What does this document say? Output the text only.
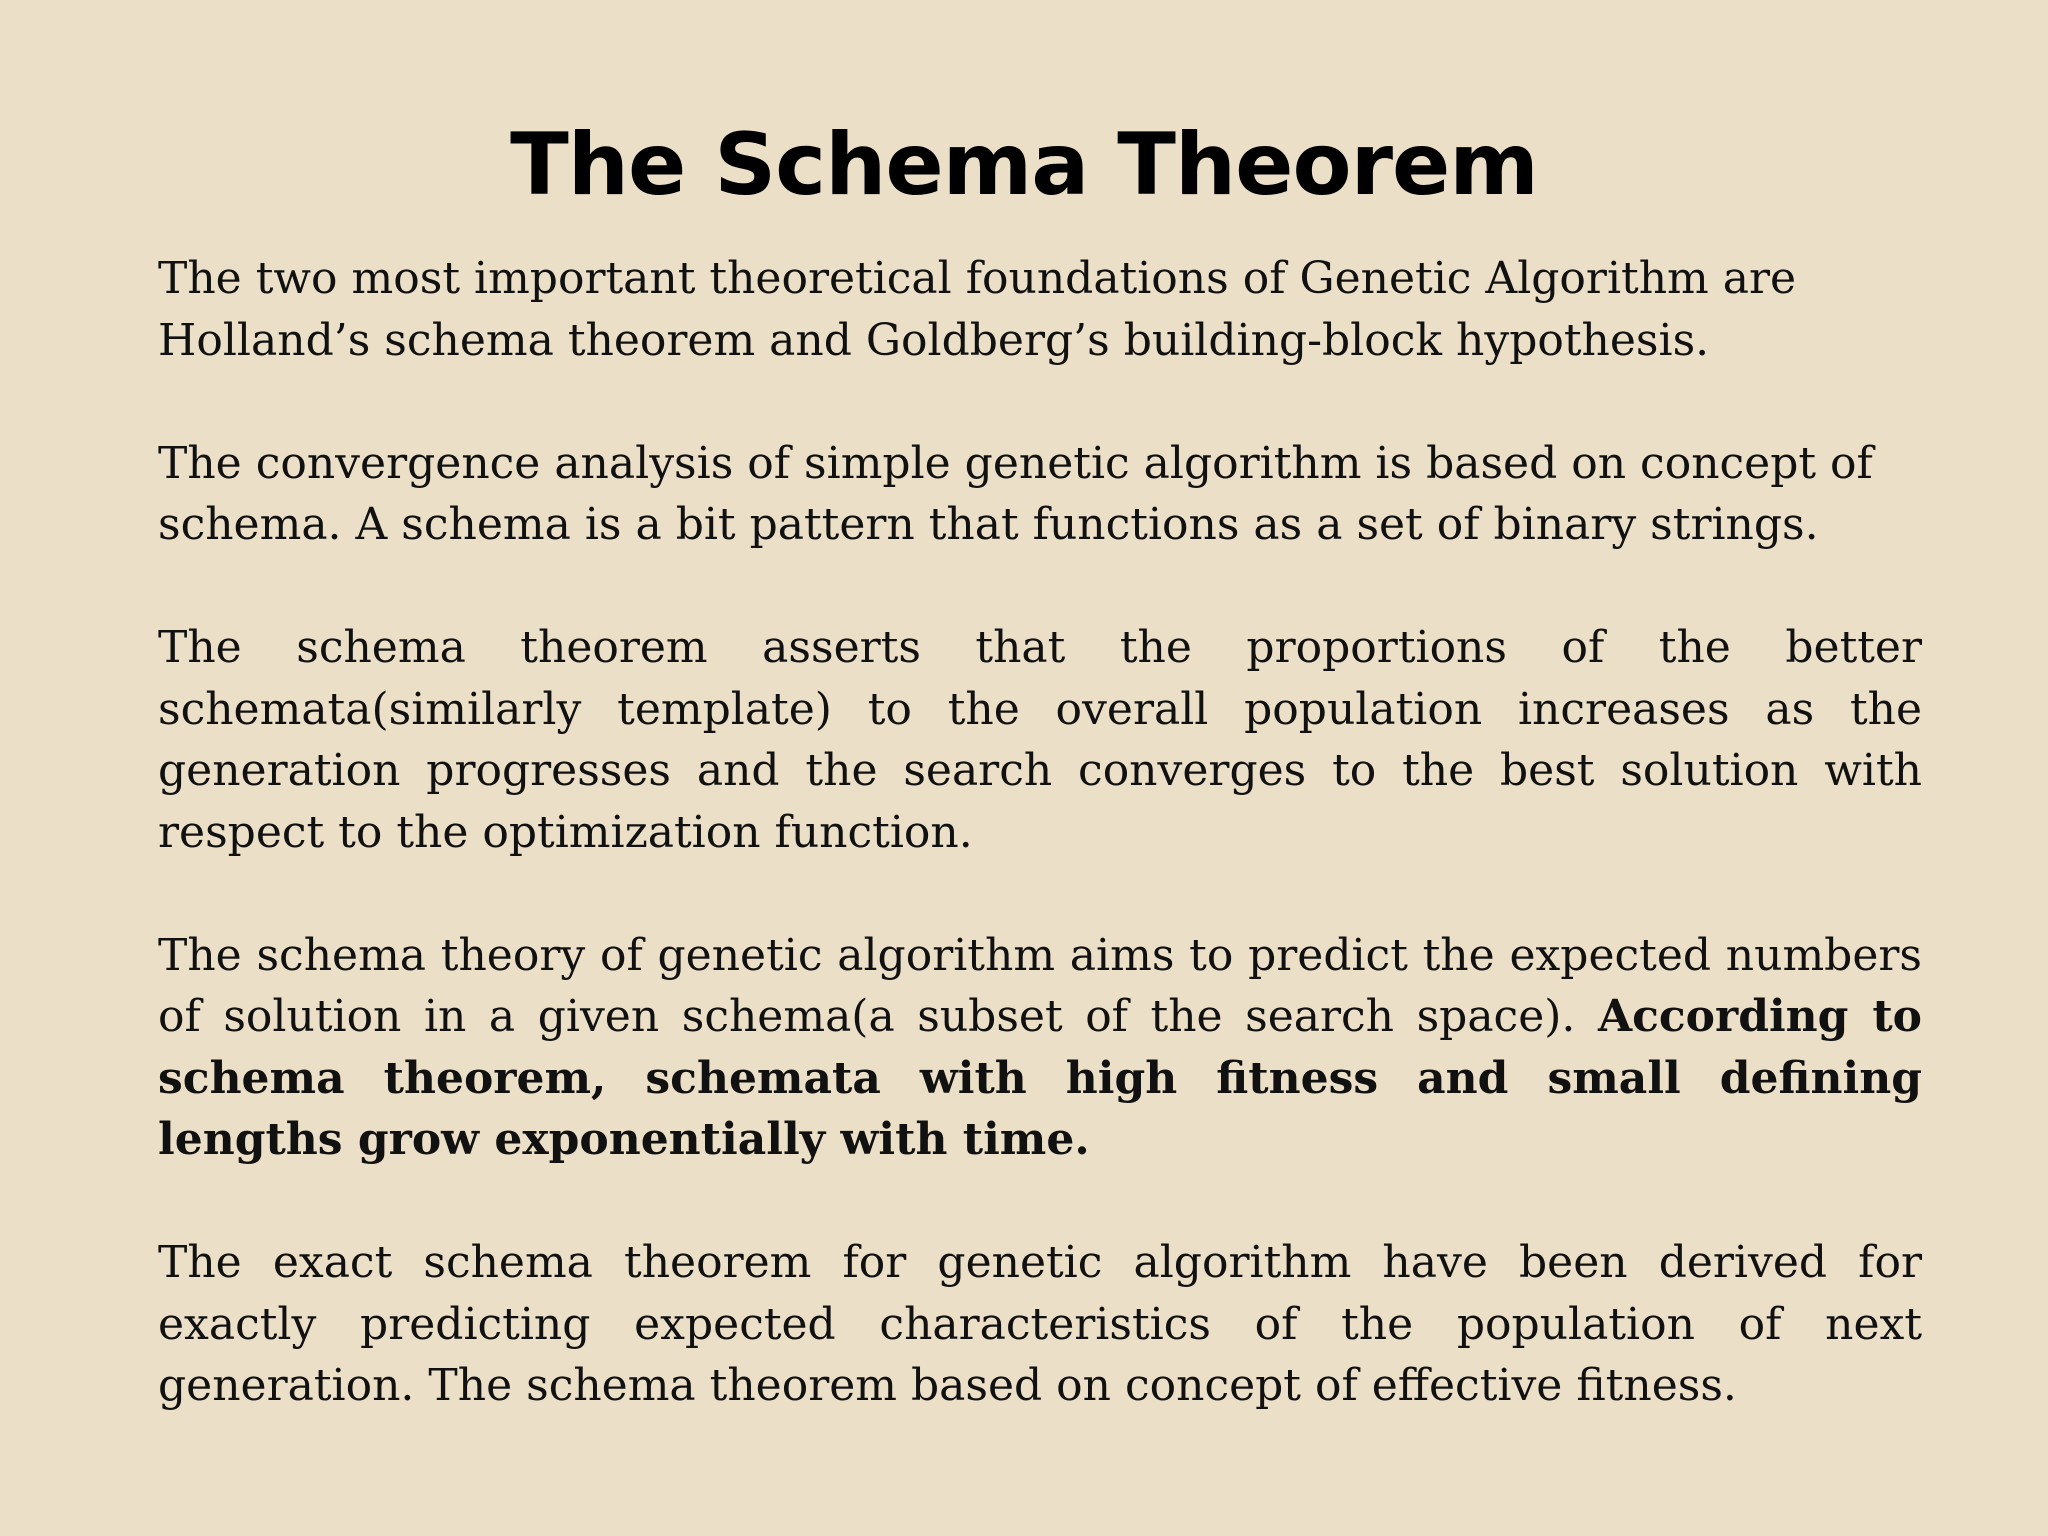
The Schema Theorem

The two most important theoretical foundations of Genetic Algorithm are
Holland’s schema theorem and Goldberg’s building-block hypothesis.

The convergence analysis of simple genetic algorithm is based on concept of
schema. A schema is a bit pattern that functions as a set of binary strings.

The schema theorem asserts that the proportions of the better schemata(similarly template) to the overall population increases as the generation progresses and the search converges to the best solution with respect to the optimization function.

The schema theory of genetic algorithm aims to predict the expected numbers of solution in a given schema(a subset of the search space). According to schema theorem, schemata with high fitness and small defining lengths grow exponentially with time.

The exact schema theorem for genetic algorithm have been derived for exactly predicting expected characteristics of the population of next generation. The schema theorem based on concept of effective fitness.
